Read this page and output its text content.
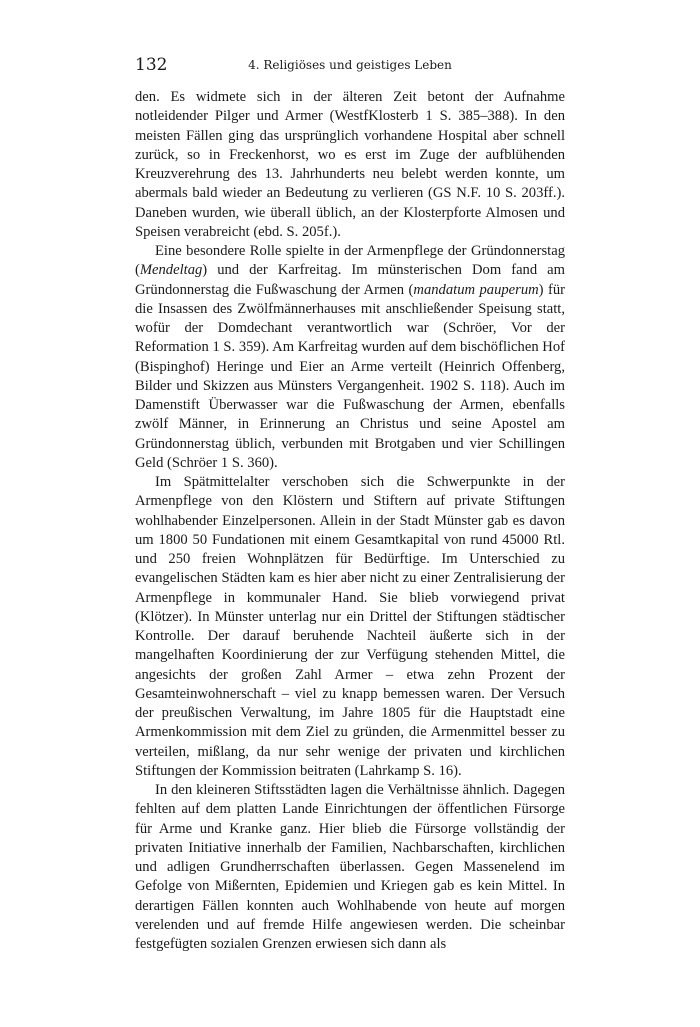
132	4. Religiöses und geistiges Leben

den. Es widmete sich in der älteren Zeit betont der Aufnahme notleidender Pilger und Armer (WestfKlosterb 1 S. 385–388). In den meisten Fällen ging das ursprünglich vorhandene Hospital aber schnell zurück, so in Freckenhorst, wo es erst im Zuge der aufblühenden Kreuzverehrung des 13. Jahrhunderts neu belebt werden konnte, um abermals bald wieder an Bedeutung zu verlieren (GS N.F. 10 S. 203ff.). Daneben wurden, wie überall üblich, an der Klosterpforte Almosen und Speisen verabreicht (ebd. S. 205f.).

Eine besondere Rolle spielte in der Armenpflege der Gründonnerstag (Mendeltag) und der Karfreitag. Im münsterischen Dom fand am Gründonnerstag die Fußwaschung der Armen (mandatum pauperum) für die Insassen des Zwölfmännerhauses mit anschließender Speisung statt, wofür der Domdechant verantwortlich war (Schröer, Vor der Reformation 1 S. 359). Am Karfreitag wurden auf dem bischöflichen Hof (Bispinghof) Heringe und Eier an Arme verteilt (Heinrich Offenberg, Bilder und Skizzen aus Münsters Vergangenheit. 1902 S. 118). Auch im Damenstift Überwasser war die Fußwaschung der Armen, ebenfalls zwölf Männer, in Erinnerung an Christus und seine Apostel am Gründonnerstag üblich, verbunden mit Brotgaben und vier Schillingen Geld (Schröer 1 S. 360).

Im Spätmittelalter verschoben sich die Schwerpunkte in der Armenpflege von den Klöstern und Stiftern auf private Stiftungen wohlhabender Einzelpersonen. Allein in der Stadt Münster gab es davon um 1800 50 Fundationen mit einem Gesamtkapital von rund 45000 Rtl. und 250 freien Wohnplätzen für Bedürftige. Im Unterschied zu evangelischen Städten kam es hier aber nicht zu einer Zentralisierung der Armenpflege in kommunaler Hand. Sie blieb vorwiegend privat (Klötzer). In Münster unterlag nur ein Drittel der Stiftungen städtischer Kontrolle. Der darauf beruhende Nachteil äußerte sich in der mangelhaften Koordinierung der zur Verfügung stehenden Mittel, die angesichts der großen Zahl Armer – etwa zehn Prozent der Gesamteinwohnerschaft – viel zu knapp bemessen waren. Der Versuch der preußischen Verwaltung, im Jahre 1805 für die Hauptstadt eine Armenkommission mit dem Ziel zu gründen, die Armenmittel besser zu verteilen, mißlang, da nur sehr wenige der privaten und kirchlichen Stiftungen der Kommission beitraten (Lahrkamp S. 16).

In den kleineren Stiftsstädten lagen die Verhältnisse ähnlich. Dagegen fehlten auf dem platten Lande Einrichtungen der öffentlichen Fürsorge für Arme und Kranke ganz. Hier blieb die Fürsorge vollständig der privaten Initiative innerhalb der Familien, Nachbarschaften, kirchlichen und adligen Grundherrschaften überlassen. Gegen Massenelend im Gefolge von Mißernten, Epidemien und Kriegen gab es kein Mittel. In derartigen Fällen konnten auch Wohlhabende von heute auf morgen verelenden und auf fremde Hilfe angewiesen werden. Die scheinbar festgefügten sozialen Grenzen erwiesen sich dann als
